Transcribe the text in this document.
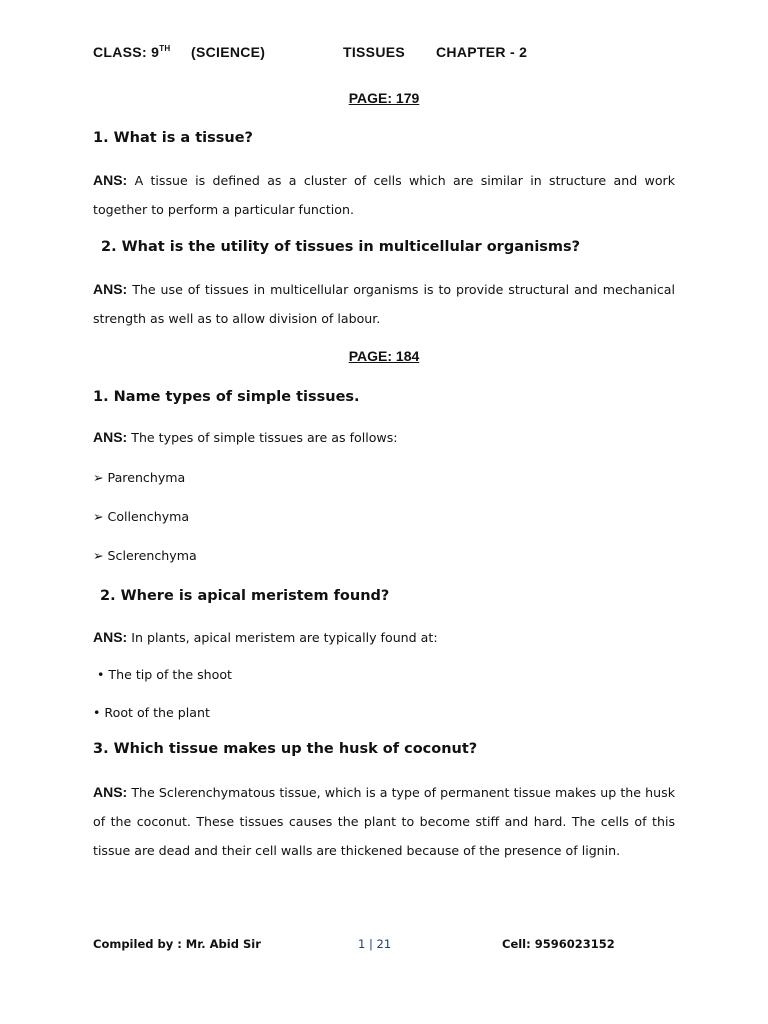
CLASS: 9TH (SCIENCE)	TISSUES CHAPTER - 2
PAGE: 179
1. What is a tissue?
ANS: A tissue is defined as a cluster of cells which are similar in structure and work together to perform a particular function.
2. What is the utility of tissues in multicellular organisms?
ANS: The use of tissues in multicellular organisms is to provide structural and mechanical strength as well as to allow division of labour.
PAGE: 184
1. Name types of simple tissues.
ANS: The types of simple tissues are as follows:
➢ Parenchyma
➢ Collenchyma
➢ Sclerenchyma
2. Where is apical meristem found?
ANS: In plants, apical meristem are typically found at:
• The tip of the shoot
• Root of the plant
3. Which tissue makes up the husk of coconut?
ANS: The Sclerenchymatous tissue, which is a type of permanent tissue makes up the husk of the coconut. These tissues causes the plant to become stiff and hard. The cells of this tissue are dead and their cell walls are thickened because of the presence of lignin.
Compiled by : Mr. Abid Sir	1 | 21	Cell: 9596023152
